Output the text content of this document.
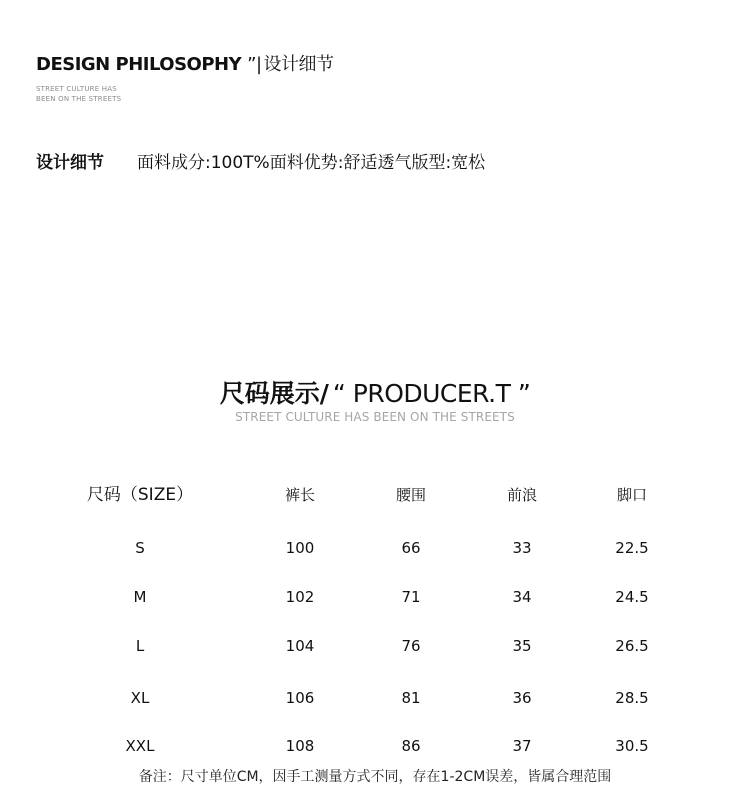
DESIGN PHILOSOPHY ”| 设计细节
STREET CULTURE HAS
BEEN ON THE STREETS
设计细节 面料成分:100T%面料优势:舒适透气版型:宽松
尺码展示/ “ PRODUCER.T ”
STREET CULTURE HAS BEEN ON THE STREETS
尺码（SIZE）	裤长	腰围	前浪	脚口
S	100	66	33	22.5
M	102	71	34	24.5
L	104	76	35	26.5
XL	106	81	36	28.5
XXL	108	86	37	30.5
备注：尺寸单位CM，因手工测量方式不同，存在1-2CM误差，皆属合理范围
